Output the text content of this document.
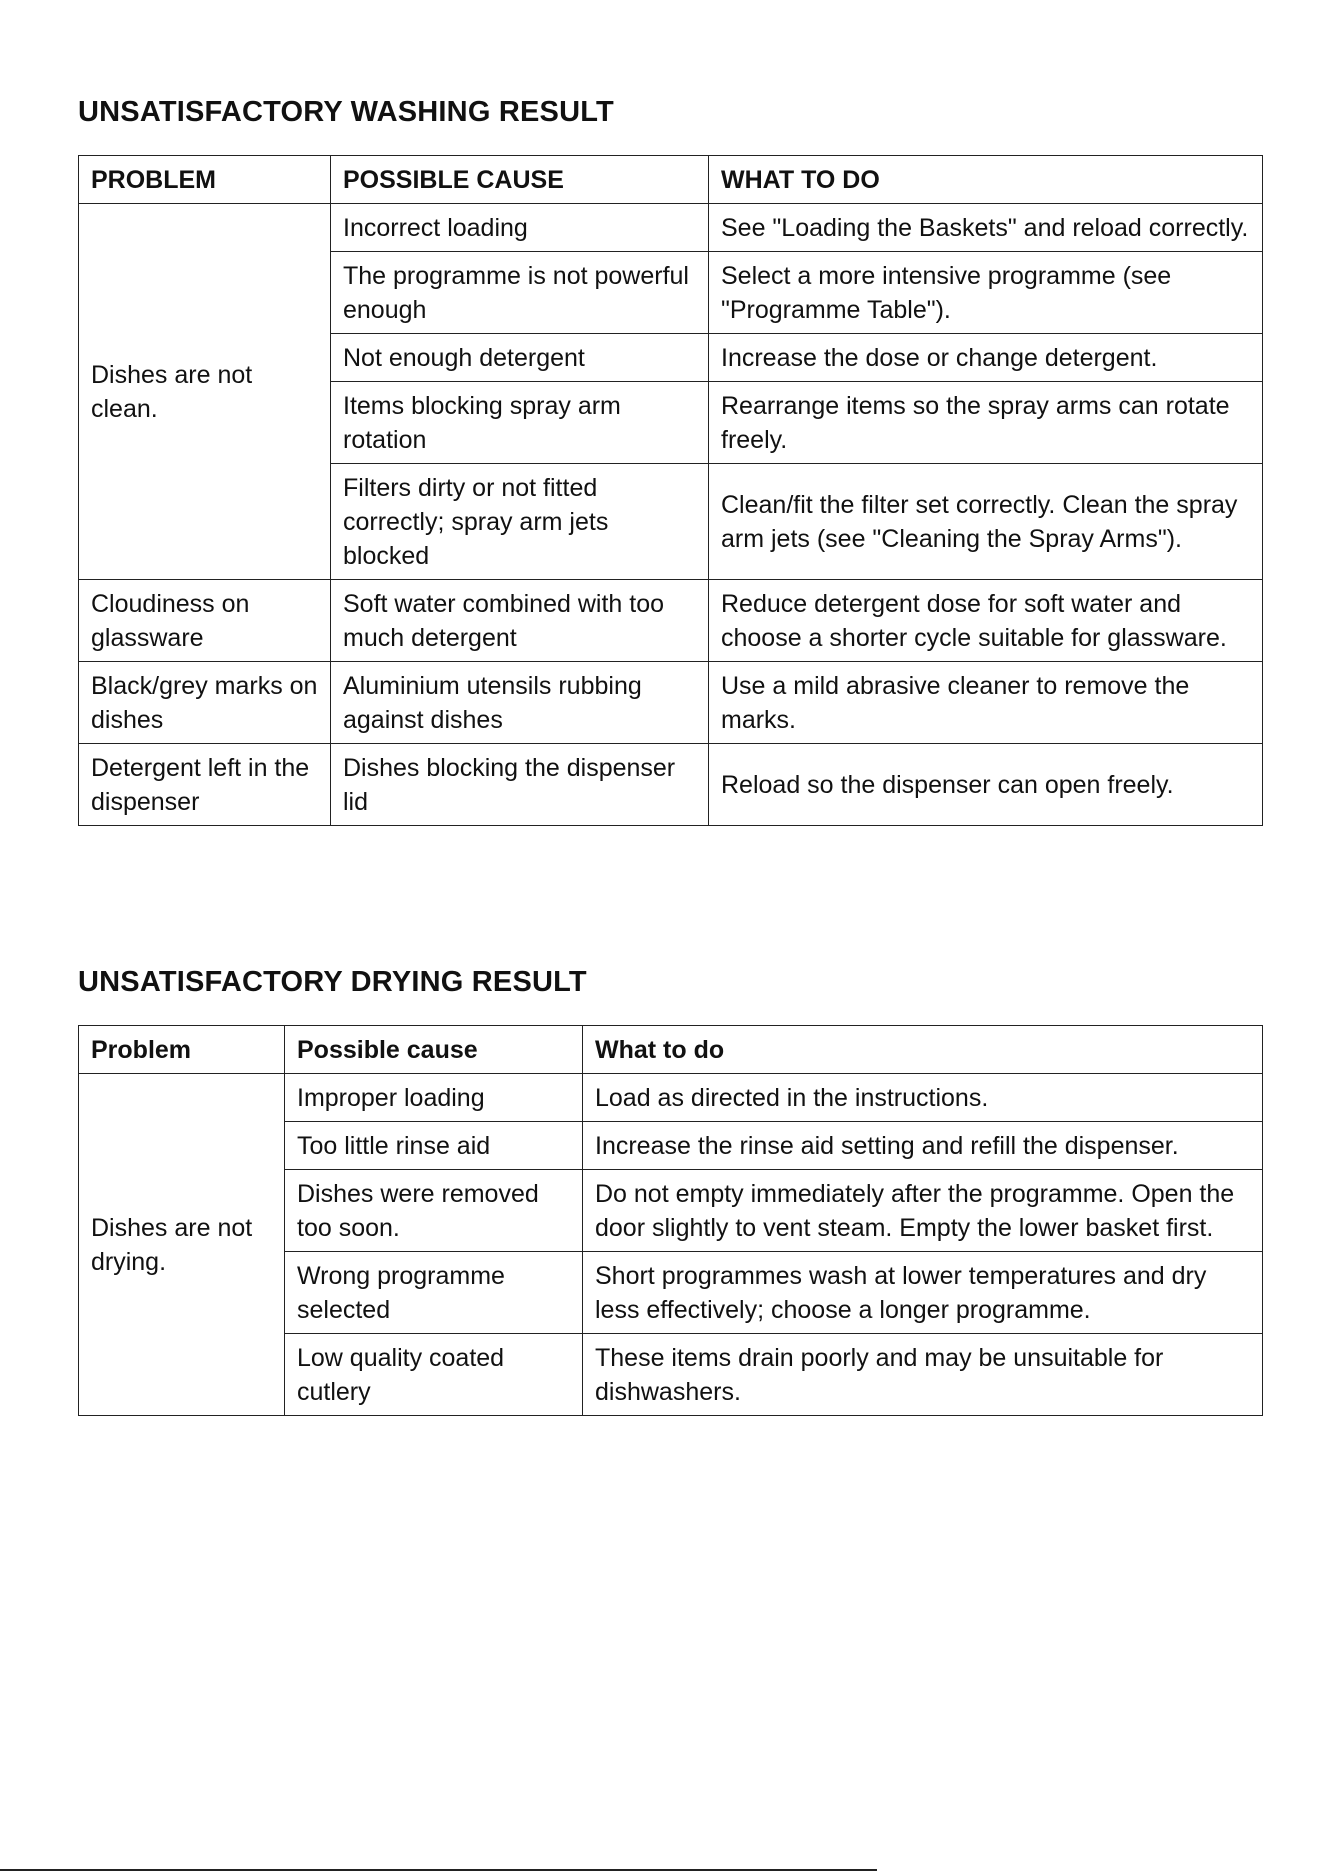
UNSATISFACTORY WASHING RESULT
PROBLEM	POSSIBLE CAUSE	WHAT TO DO
Dishes are not clean.	Incorrect loading	See "Loading the Baskets" and reload correctly.
	The programme is not powerful enough	Select a more intensive programme (see "Programme Table").
	Not enough detergent	Increase the dose or change detergent.
	Items blocking spray arm rotation	Rearrange items so the spray arms can rotate freely.
	Filters dirty or not fitted correctly; spray arm jets blocked	Clean/fit the filter set correctly. Clean the spray arm jets (see "Cleaning the Spray Arms").
Cloudiness on glassware	Soft water combined with too much detergent	Reduce detergent dose for soft water and choose a shorter cycle suitable for glassware.
Black/grey marks on dishes	Aluminium utensils rubbing against dishes	Use a mild abrasive cleaner to remove the marks.
Detergent left in the dispenser	Dishes blocking the dispenser lid	Reload so the dispenser can open freely.
UNSATISFACTORY DRYING RESULT
Problem	Possible cause	What to do
Dishes are not drying.	Improper loading	Load as directed in the instructions.
	Too little rinse aid	Increase the rinse aid setting and refill the dispenser.
	Dishes were removed too soon.	Do not empty immediately after the programme. Open the door slightly to vent steam. Empty the lower basket first.
	Wrong programme selected	Short programmes wash at lower temperatures and dry less effectively; choose a longer programme.
	Low quality coated cutlery	These items drain poorly and may be unsuitable for dishwashers.
